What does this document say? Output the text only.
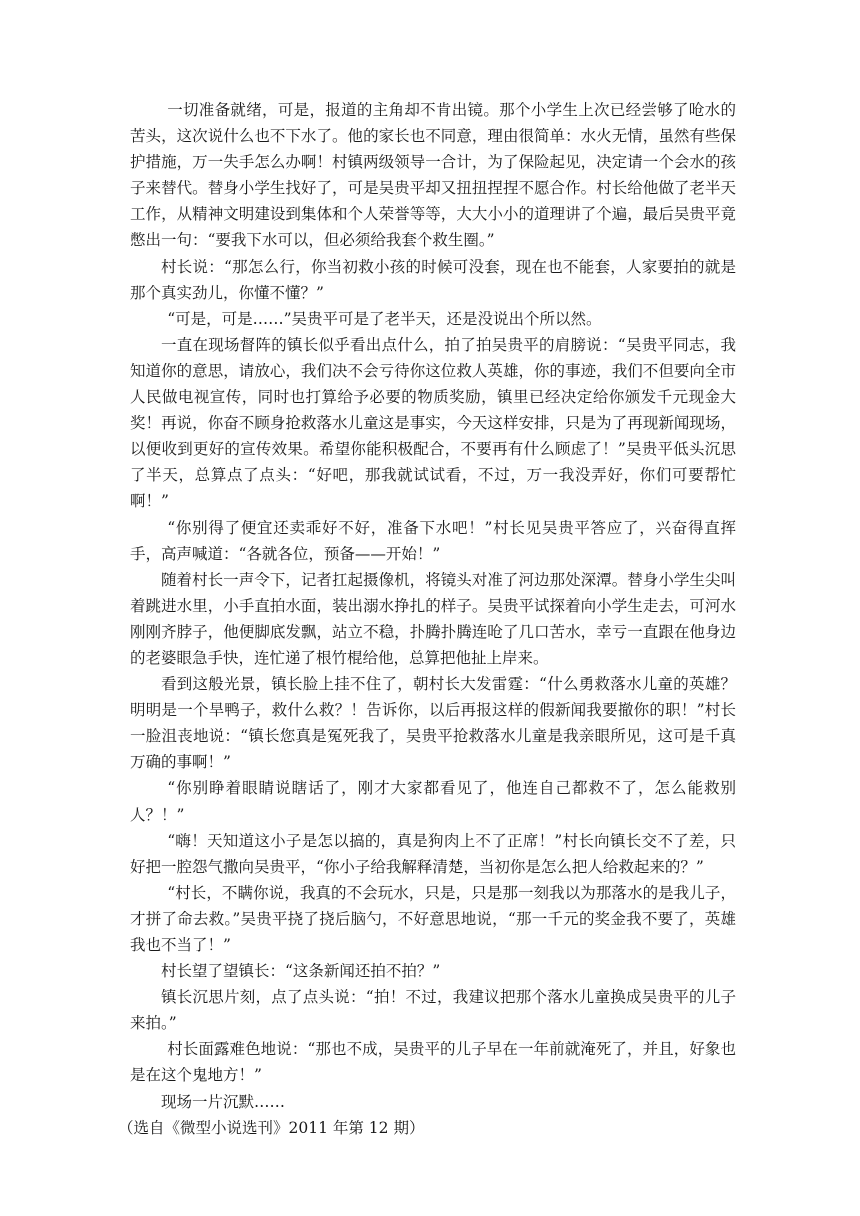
一切准备就绪，可是，报道的主角却不肯出镜。那个小学生上次已经尝够了呛水的苦头，这次说什么也不下水了。他的家长也不同意，理由很简单：水火无情，虽然有些保护措施，万一失手怎么办啊！村镇两级领导一合计，为了保险起见，决定请一个会水的孩子来替代。替身小学生找好了，可是吴贵平却又扭扭捏捏不愿合作。村长给他做了老半天工作，从精神文明建设到集体和个人荣誉等等，大大小小的道理讲了个遍，最后吴贵平竟憋出一句：“要我下水可以，但必须给我套个救生圈。”

村长说：“那怎么行，你当初救小孩的时候可没套，现在也不能套，人家要拍的就是那个真实劲儿，你懂不懂？”

“可是，可是……”吴贵平可是了老半天，还是没说出个所以然。

一直在现场督阵的镇长似乎看出点什么，拍了拍吴贵平的肩膀说：“吴贵平同志，我知道你的意思，请放心，我们决不会亏待你这位救人英雄，你的事迹，我们不但要向全市人民做电视宣传，同时也打算给予必要的物质奖励，镇里已经决定给你颁发千元现金大奖！再说，你奋不顾身抢救落水儿童这是事实，今天这样安排，只是为了再现新闻现场，以便收到更好的宣传效果。希望你能积极配合，不要再有什么顾虑了！”吴贵平低头沉思了半天，总算点了点头：“好吧，那我就试试看，不过，万一我没弄好，你们可要帮忙啊！”

“你别得了便宜还卖乖好不好，准备下水吧！”村长见吴贵平答应了，兴奋得直挥手，高声喊道：“各就各位，预备——开始！”

随着村长一声令下，记者扛起摄像机，将镜头对准了河边那处深潭。替身小学生尖叫着跳进水里，小手直拍水面，装出溺水挣扎的样子。吴贵平试探着向小学生走去，可河水刚刚齐脖子，他便脚底发飘，站立不稳，扑腾扑腾连呛了几口苦水，幸亏一直跟在他身边的老婆眼急手快，连忙递了根竹棍给他，总算把他扯上岸来。

看到这般光景，镇长脸上挂不住了，朝村长大发雷霆：“什么勇救落水儿童的英雄？明明是一个旱鸭子，救什么救？！告诉你，以后再报这样的假新闻我要撤你的职！”村长一脸沮丧地说：“镇长您真是冤死我了，吴贵平抢救落水儿童是我亲眼所见，这可是千真万确的事啊！”

“你别睁着眼睛说瞎话了，刚才大家都看见了，他连自己都救不了，怎么能救别人？！”

“嗨！天知道这小子是怎以搞的，真是狗肉上不了正席！”村长向镇长交不了差，只好把一腔怨气撒向吴贵平，“你小子给我解释清楚，当初你是怎么把人给救起来的？”

“村长，不瞒你说，我真的不会玩水，只是，只是那一刻我以为那落水的是我儿子，才拼了命去救。”吴贵平挠了挠后脑勺，不好意思地说，“那一千元的奖金我不要了，英雄我也不当了！”

村长望了望镇长：“这条新闻还拍不拍？”

镇长沉思片刻，点了点头说：“拍！不过，我建议把那个落水儿童换成吴贵平的儿子来拍。”

村长面露难色地说：“那也不成，吴贵平的儿子早在一年前就淹死了，并且，好象也是在这个鬼地方！”

现场一片沉默……

（选自《微型小说选刊》2011 年第 12 期）
